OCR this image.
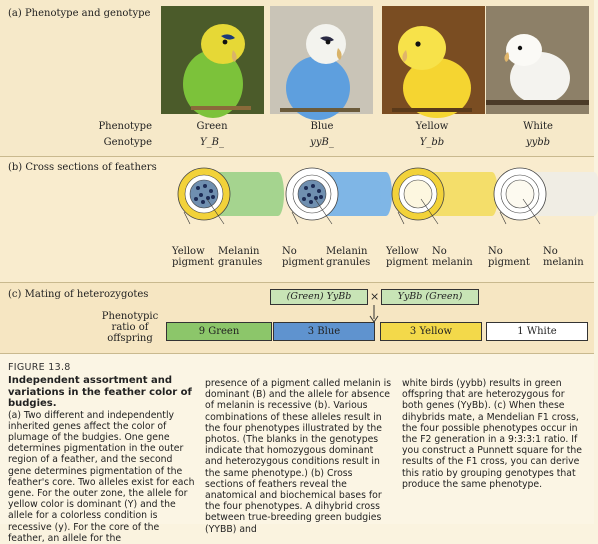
(a) Phenotype and genotype
Phenotype
Genotype
Green	Blue	Yellow	White
Y_B_	yyB_	Y_bb	yybb
(b) Cross sections of feathers
Yellow
pigment
Melanin
granules
No
pigment
Melanin
granules
Yellow
pigment
No
melanin
No
pigment
No
melanin
(c) Mating of heterozygotes	(Green) YyBb	×	YyBb (Green)
Phenotypic
ratio of
offspring
9 Green	3 Blue	3 Yellow	1 White
FIGURE 13.8
Independent assortment and variations in the feather color of budgies.
(a) Two different and independently inherited genes affect the color of plumage of the budgies. One gene determines pigmentation in the outer region of a feather, and the second gene determines pigmentation of the feather's core. Two alleles exist for each gene. For the outer zone, the allele for yellow color is dominant (Y) and the allele for a colorless condition is recessive (y). For the core of the feather, an allele for the
presence of a pigment called melanin is dominant (B) and the allele for absence of melanin is recessive (b). Various combinations of these alleles result in the four phenotypes illustrated by the photos. (The blanks in the genotypes indicate that homozygous dominant and heterozygous conditions result in the same phenotype.) (b) Cross sections of feathers reveal the anatomical and biochemical bases for the four phenotypes. A dihybrid cross between true-breeding green budgies (YYBB) and
white birds (yybb) results in green offspring that are heterozygous for both genes (YyBb). (c) When these dihybrids mate, a Mendelian F1 cross, the four possible phenotypes occur in the F2 generation in a 9:3:3:1 ratio. If you construct a Punnett square for the results of the F1 cross, you can derive this ratio by grouping genotypes that produce the same phenotype.
